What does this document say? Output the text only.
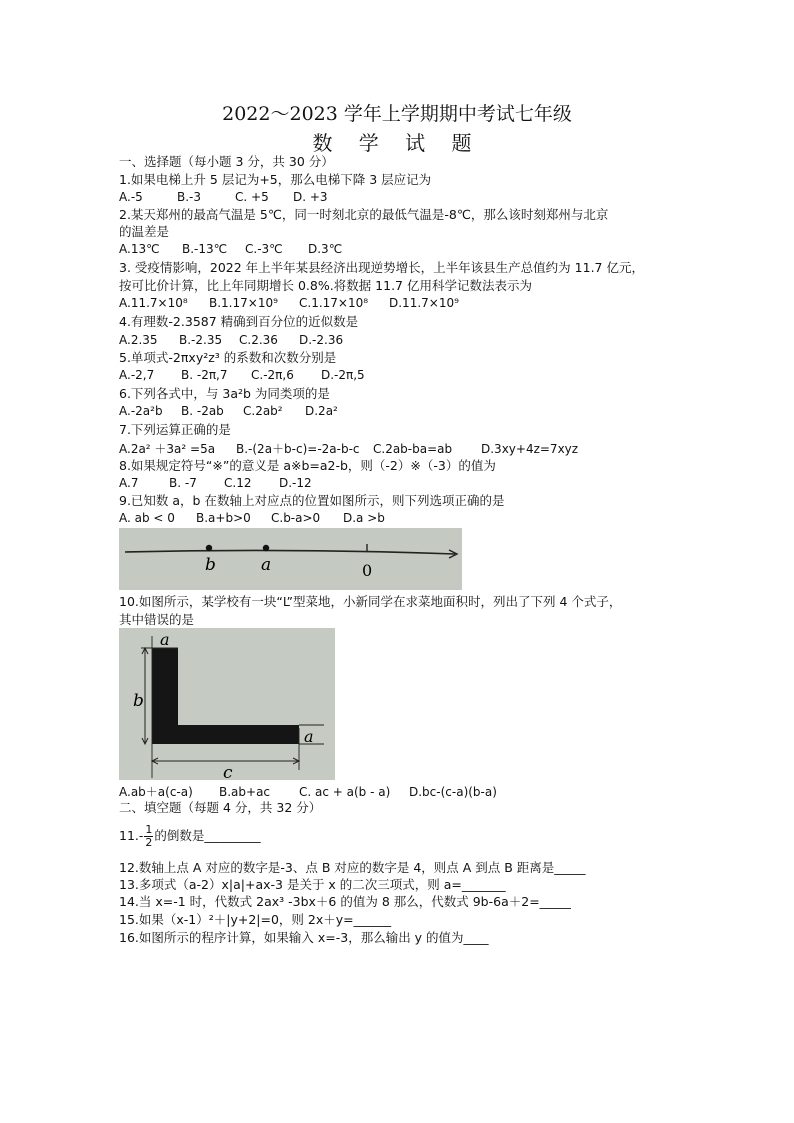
2022～2023 学年上学期期中考试七年级
数 学 试 题
一、选择题（每小题 3 分，共 30 分）
1.如果电梯上升 5 层记为+5，那么电梯下降 3 层应记为
A.-5	B.-3	C. +5 D. +3
2.某天郑州的最高气温是 5℃，同一时刻北京的最低气温是-8℃，那么该时刻郑州与北京
的温差是
A.13℃ B.-13℃ C.-3℃ D.3℃
3. 受疫情影响，2022 年上半年某县经济出现逆势增长，上半年该县生产总值约为 11.7 亿元，
按可比价计算，比上年同期增长 0.8%.将数据 11.7 亿用科学记数法表示为
A.11.7×10⁸ B.1.17×10⁹ C.1.17×10⁸ D.11.7×10⁹
4.有理数-2.3587 精确到百分位的近似数是
A.2.35 B.-2.35 C.2.36 D.-2.36
5.单项式-2πxy²z³ 的系数和次数分别是
A.-2,7 B. -2π,7 C.-2π,6 D.-2π,5
6.下列各式中，与 3a²b 为同类项的是
A.-2a²b B. -2ab C.2ab² D.2a²
7.下列运算正确的是
A.2a² ＋3a² =5a B.-(2a＋b-c)=-2a-b-c C.2ab-ba=ab D.3xy+4z=7xyz
8.如果规定符号“※”的意义是 a※b=a2-b，则（-2）※（-3）的值为
A.7	B. -7 C.12 D.-12
9.已知数 a，b 在数轴上对应点的位置如图所示，则下列选项正确的是
A. ab < 0 B.a+b>0 C.b-a>0 D.a >b
b	a	0
10.如图所示，某学校有一块“L”型菜地，小新同学在求菜地面积时，列出了下列 4 个式子，
其中错误的是
a
b
c
a
A.ab＋a(c-a) B.ab+ac C. ac + a(b - a) D.bc-(c-a)(b-a)
二、填空题（每题 4 分，共 32 分）
$11.- \frac{1}{2}$ 的倒数是_________
12.数轴上点 A 对应的数字是-3、点 B 对应的数字是 4，则点 A 到点 B 距离是_____
13.多项式（a-2）x|a|+ax-3 是关于 x 的二次三项式，则 a=_______
14.当 x=-1 时，代数式 2ax³ -3bx＋6 的值为 8 那么，代数式 9b-6a＋2=_____
15.如果（x-1）²＋|y+2|=0，则 2x＋y=______
16.如图所示的程序计算，如果输入 x=-3，那么输出 y 的值为____
